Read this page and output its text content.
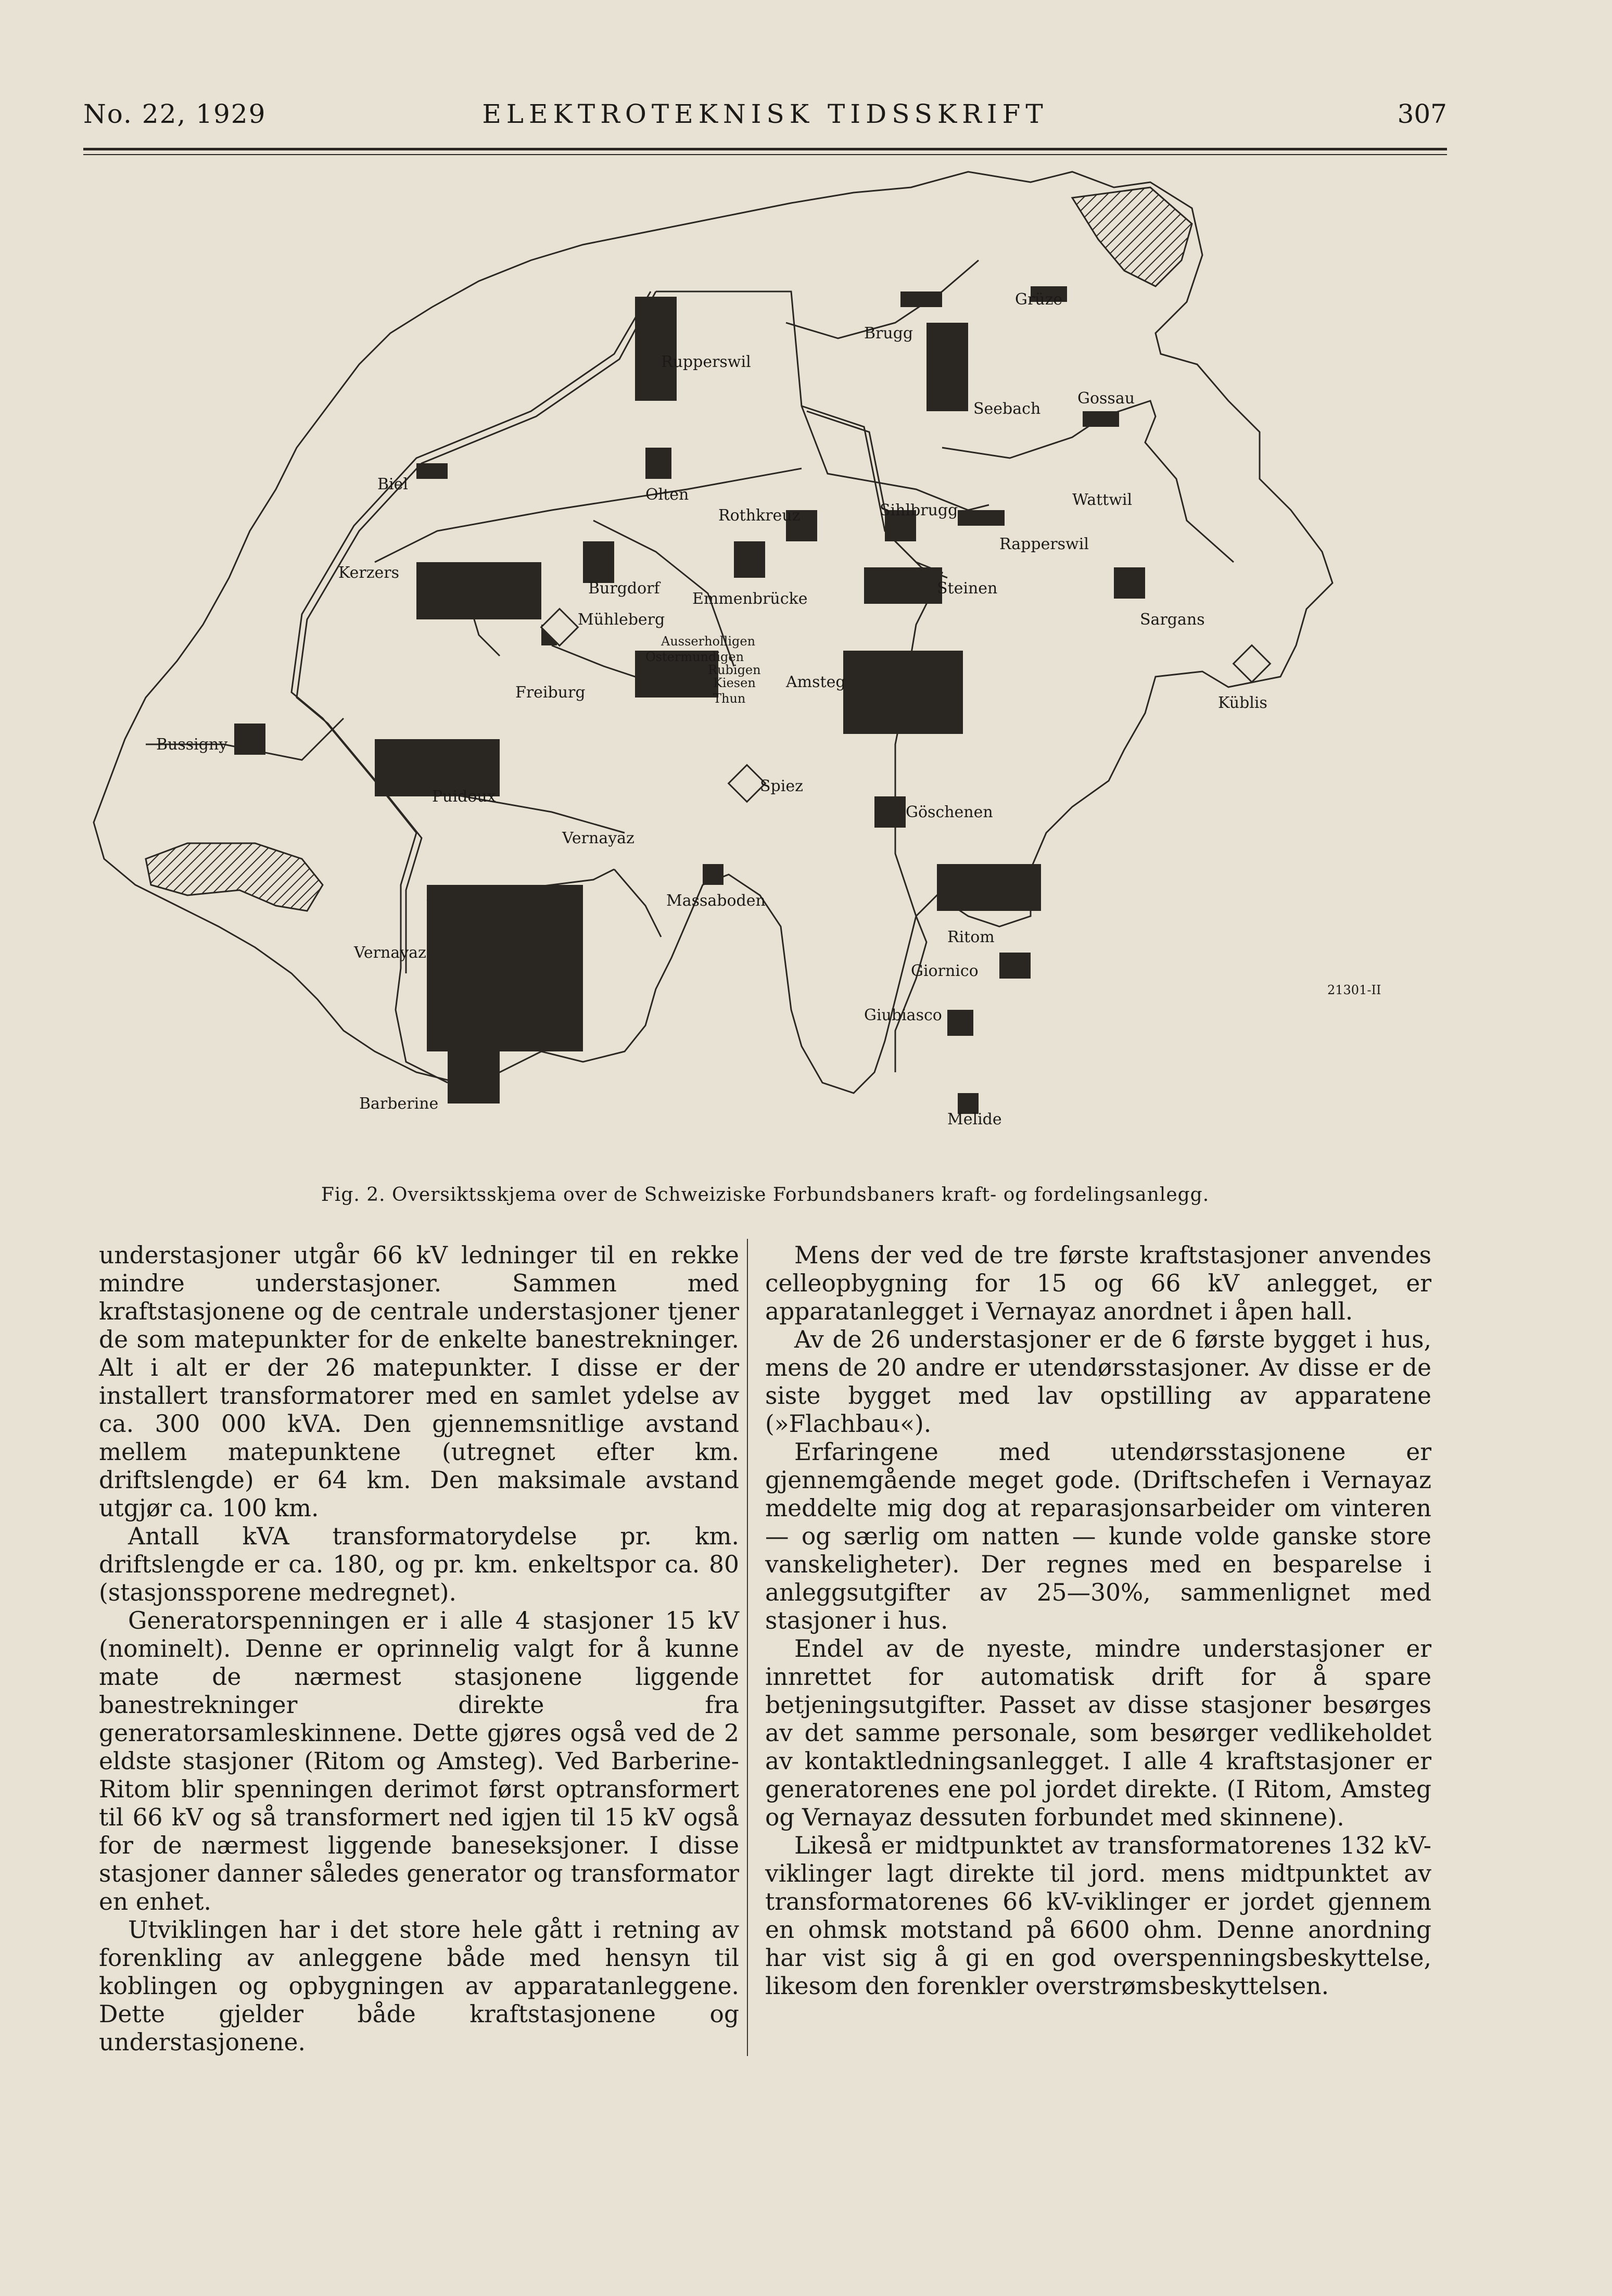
No. 22, 1929	ELEKTROTEKNISK TIDSSKRIFT	307
Grüze
Brugg
Rupperswil
Seebach
Gossau
Biel
Olten	Wattwil
Rothkreuz	Sihlbrugg
Rapperswil
Kerzers
Burgdorf
Emmenbrücke
Steinen
Sargans
Mühleberg
Ausserholligen
Ostermundigen
Rubigen
Kiesen
Thun
Freiburg
Amsteg
Küblis
Bussigny
Spiez
Puidoux
Göschenen
Vernayaz
Massaboden
Vernayaz
Ritom
Giornico
Giubiasco
Barberine
Melide
21301-II
Fig. 2. Oversiktsskjema over de Schweiziske Forbundsbaners kraft- og fordelingsanlegg.

understasjoner utgår 66 kV ledninger til en rekke mindre understasjoner. Sammen med kraftstasjonene og de centrale understasjoner tjener de som matepunkter for de enkelte banestrekninger. Alt i alt er der 26 matepunkter. I disse er der installert transformatorer med en samlet ydelse av ca. 300 000 kVA. Den gjennemsnitlige avstand mellem matepunktene (utregnet efter km. driftslengde) er 64 km. Den maksimale avstand utgjør ca. 100 km.

Antall kVA transformatorydelse pr. km. driftslengde er ca. 180, og pr. km. enkeltspor ca. 80 (stasjonssporene medregnet).

Generatorspenningen er i alle 4 stasjoner 15 kV (nominelt). Denne er oprinnelig valgt for å kunne mate de nærmest stasjonene liggende banestrekninger direkte fra generatorsamleskinnene. Dette gjøres også ved de 2 eldste stasjoner (Ritom og Amsteg). Ved Barberine-Ritom blir spenningen derimot først optransformert til 66 kV og så transformert ned igjen til 15 kV også for de nærmest liggende baneseksjoner. I disse stasjoner danner således generator og transformator en enhet.

Utviklingen har i det store hele gått i retning av forenkling av anleggene både med hensyn til koblingen og opbygningen av apparatanleggene. Dette gjelder både kraftstasjonene og understasjonene.

Mens der ved de tre første kraftstasjoner anvendes celleopbygning for 15 og 66 kV anlegget, er apparatanlegget i Vernayaz anordnet i åpen hall.

Av de 26 understasjoner er de 6 første bygget i hus, mens de 20 andre er utendørsstasjoner. Av disse er de siste bygget med lav opstilling av apparatene (»Flachbau«).

Erfaringene med utendørsstasjonene er gjennemgående meget gode. (Driftschefen i Vernayaz meddelte mig dog at reparasjonsarbeider om vinteren — og særlig om natten — kunde volde ganske store vanskeligheter). Der regnes med en besparelse i anleggsutgifter av 25—30%, sammenlignet med stasjoner i hus.

Endel av de nyeste, mindre understasjoner er innrettet for automatisk drift for å spare betjeningsutgifter. Passet av disse stasjoner besørges av det samme personale, som besørger vedlikeholdet av kontaktledningsanlegget. I alle 4 kraftstasjoner er generatorenes ene pol jordet direkte. (I Ritom, Amsteg og Vernayaz dessuten forbundet med skinnene).

Likeså er midtpunktet av transformatorenes 132 kV-viklinger lagt direkte til jord. mens midtpunktet av transformatorenes 66 kV-viklinger er jordet gjennem en ohmsk motstand på 6600 ohm. Denne anordning har vist sig å gi en god overspenningsbeskyttelse, likesom den forenkler overstrømsbeskyttelsen.
